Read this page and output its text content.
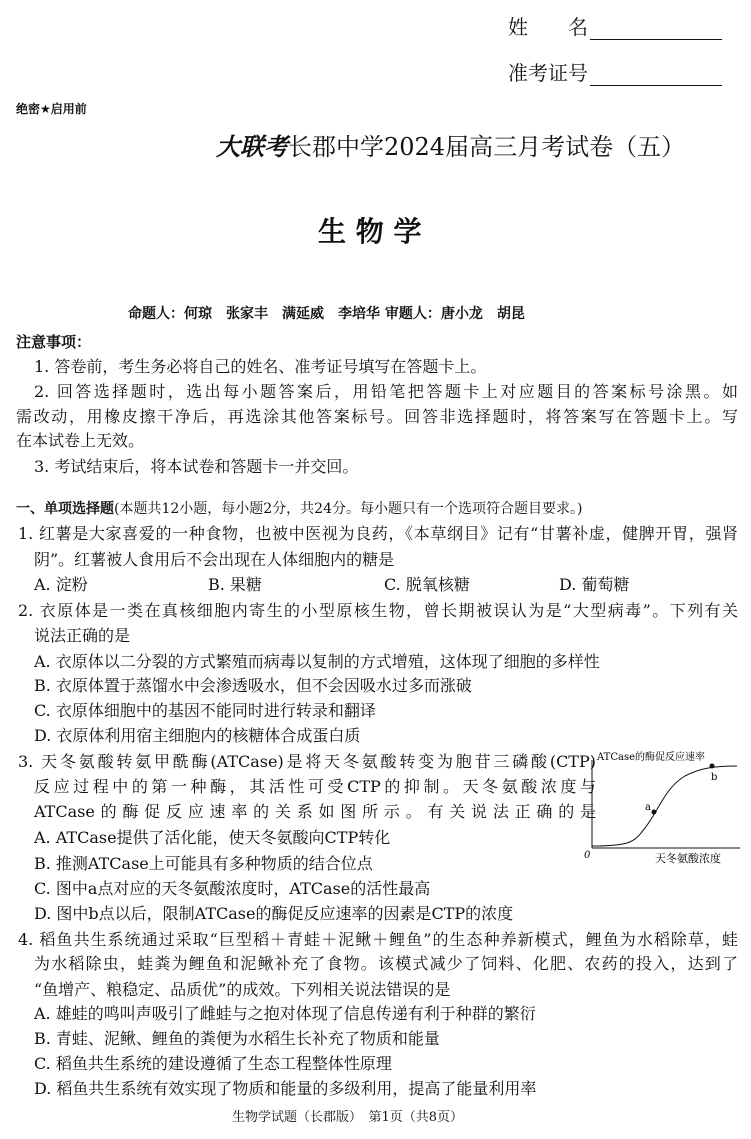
姓　　名
准考证号
绝密★启用前
大联考长郡中学2024届高三月考试卷（五）
生 物 学
命题人：何琼　张家丰　满延威　李培华 审题人：唐小龙　胡昆
注意事项：
1. 答卷前，考生务必将自己的姓名、准考证号填写在答题卡上。
2. 回答选择题时，选出每小题答案后，用铅笔把答题卡上对应题目的答案标号涂黑。如
需改动，用橡皮擦干净后，再选涂其他答案标号。回答非选择题时，将答案写在答题卡上。写
在本试卷上无效。
3. 考试结束后，将本试卷和答题卡一并交回。
一、单项选择题(本题共12小题，每小题2分，共24分。每小题只有一个选项符合题目要求。)
1. 红薯是大家喜爱的一种食物，也被中医视为良药，《本草纲目》记有“甘薯补虚，健脾开胃，强肾
阴”。红薯被人食用后不会出现在人体细胞内的糖是
A. 淀粉	B. 果糖	C. 脱氧核糖	D. 葡萄糖
2. 衣原体是一类在真核细胞内寄生的小型原核生物，曾长期被误认为是“大型病毒”。下列有关
说法正确的是
A. 衣原体以二分裂的方式繁殖而病毒以复制的方式增殖，这体现了细胞的多样性
B. 衣原体置于蒸馏水中会渗透吸水，但不会因吸水过多而涨破
C. 衣原体细胞中的基因不能同时进行转录和翻译
D. 衣原体利用宿主细胞内的核糖体合成蛋白质
3. 天冬氨酸转氨甲酰酶(ATCase)是将天冬氨酸转变为胞苷三磷酸(CTP)
反应过程中的第一种酶，其活性可受CTP的抑制。天冬氨酸浓度与
ATCase的酶促反应速率的关系如图所示。有关说法正确的是
A. ATCase提供了活化能，使天冬氨酸向CTP转化
B. 推测ATCase上可能具有多种物质的结合位点
C. 图中a点对应的天冬氨酸浓度时，ATCase的活性最高
D. 图中b点以后，限制ATCase的酶促反应速率的因素是CTP的浓度
ATCase的酶促反应速率
天冬氨酸浓度
0
a
b
4. 稻鱼共生系统通过采取“巨型稻＋青蛙＋泥鳅＋鲤鱼”的生态种养新模式，鲤鱼为水稻除草，蛙
为水稻除虫，蛙粪为鲤鱼和泥鳅补充了食物。该模式减少了饲料、化肥、农药的投入，达到了
“鱼增产、粮稳定、品质优”的成效。下列相关说法错误的是
A. 雄蛙的鸣叫声吸引了雌蛙与之抱对体现了信息传递有利于种群的繁衍
B. 青蛙、泥鳅、鲤鱼的粪便为水稻生长补充了物质和能量
C. 稻鱼共生系统的建设遵循了生态工程整体性原理
D. 稻鱼共生系统有效实现了物质和能量的多级利用，提高了能量利用率
生物学试题（长郡版）　第1页（共8页）
